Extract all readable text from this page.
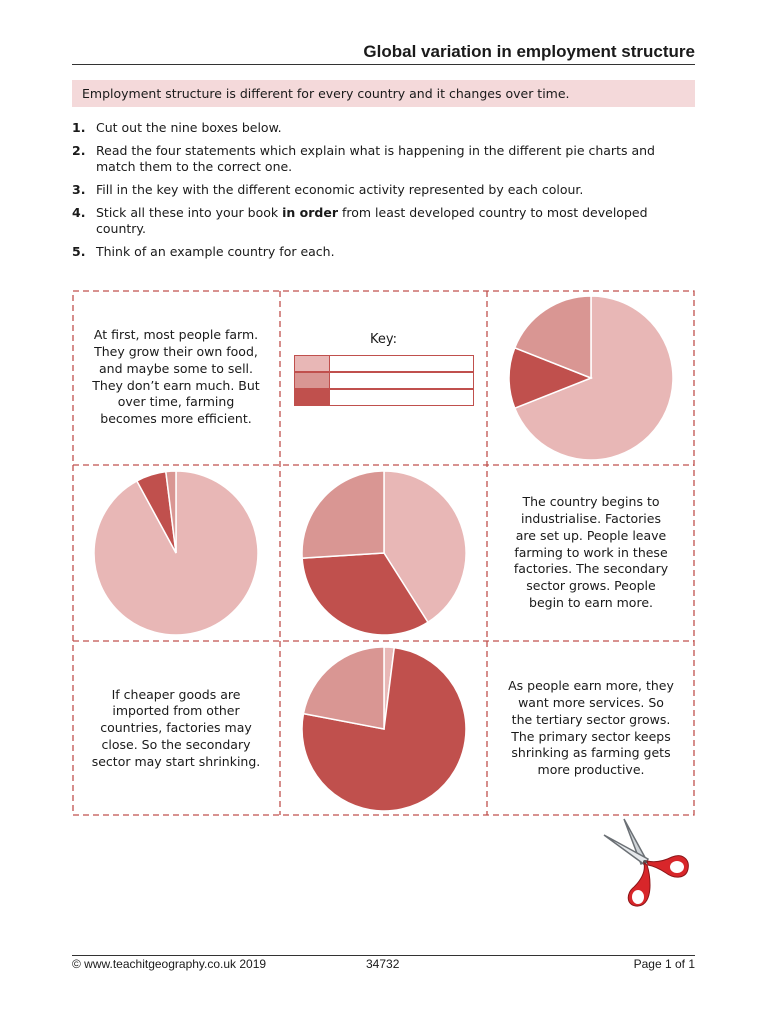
Global variation in employment structure
Employment structure is different for every country and it changes over time.
1. Cut out the nine boxes below.
2. Read the four statements which explain what is happening in the different pie charts and match them to the correct one.
3. Fill in the key with the different economic activity represented by each colour.
4. Stick all these into your book in order from least developed country to most developed country.
5. Think of an example country for each.
At first, most people farm. They grow their own food, and maybe some to sell. They don’t earn much. But over time, farming becomes more efficient.
Key:
The country begins to industrialise. Factories are set up. People leave farming to work in these factories. The secondary sector grows. People begin to earn more.
If cheaper goods are imported from other countries, factories may close. So the secondary sector may start shrinking.
As people earn more, they want more services. So the tertiary sector grows. The primary sector keeps shrinking as farming gets more productive.
© www.teachitgeography.co.uk 2019	34732	Page 1 of 1
